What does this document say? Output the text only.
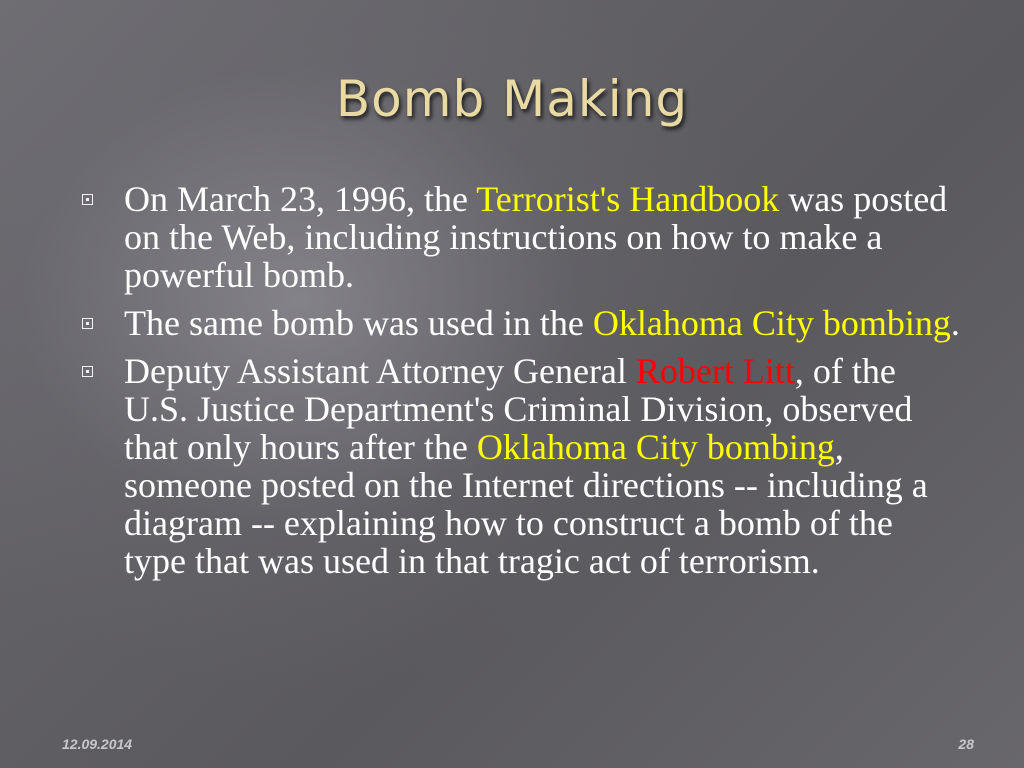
Bomb Making
On March 23, 1996, the Terrorist's Handbook was posted on the Web, including instructions on how to make a powerful bomb.
The same bomb was used in the Oklahoma City bombing.
Deputy Assistant Attorney General Robert Litt, of the U.S. Justice Department's Criminal Division, observed that only hours after the Oklahoma City bombing, someone posted on the Internet directions -- including a diagram -- explaining how to construct a bomb of the type that was used in that tragic act of terrorism.
12.09.2014	28
